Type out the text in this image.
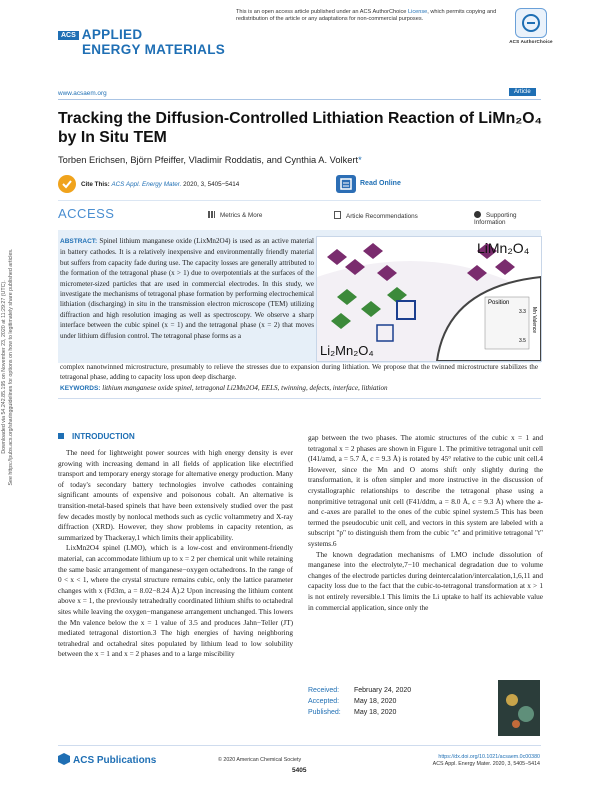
Downloaded via 54.242.85.195 on November 23, 2020 at 11:29:27 (UTC). See https://pubs.acs.org/sharingguidelines for options on how to legitimately share published articles.
This is an open access article published under an ACS AuthorChoice License, which permits copying and redistribution of the article or any adaptations for non-commercial purposes.
ACS AuthorChoice
ACS APPLIED
ENERGY MATERIALS
www.acsaem.org	Article
Tracking the Diffusion-Controlled Lithiation Reaction of LiMn₂O₄ by In Situ TEM
Torben Erichsen, Björn Pfeiffer, Vladimir Roddatis, and Cynthia A. Volkert*
Cite This: ACS Appl. Energy Mater. 2020, 3, 5405−5414	Read Online
ACCESS	Metrics & More	Article Recommendations	Supporting Information
ABSTRACT: Spinel lithium manganese oxide (LixMn2O4) is used as an active material in battery cathodes. It is a relatively inexpensive and environmentally friendly material but suffers from capacity fade during use. The capacity losses are generally attributed to the formation of the tetragonal phase (x > 1) due to overpotentials at the surfaces of the micrometer-sized particles that are used in commercial electrodes. In this study, we investigate the mechanisms of tetragonal phase formation by performing electrochemical lithiation (discharging) in situ in the transmission electron microscope (TEM) utilizing diffraction and high resolution imaging as well as spectroscopy. We observe a sharp interface between the cubic spinel (x = 1) and the tetragonal phase (x = 2) that moves under lithium diffusion control. The tetragonal phase forms as a
Position
3.3
3.5
Mn Valence
LiMn₂O₄
Li₂Mn₂O₄
complex nanotwinned microstructure, presumably to relieve the stresses due to expansion during lithiation. We propose that the twinned microstructure stabilizes the tetragonal phase, adding to capacity loss upon deep discharge.
KEYWORDS: lithium manganese oxide spinel, tetragonal Li2Mn2O4, EELS, twinning, defects, interface, lithiation
INTRODUCTION

The need for lightweight power sources with high energy density is ever growing with increasing demand in all fields of application like electrified transport and temporary energy storage for alternative energy production. Many of today's secondary battery technologies involve cathodes containing significant amounts of expensive and poisonous cobalt. An alternative is transition-metal-based spinels that have been extensively studied over the past few decades mostly by nonlocal methods such as cyclic voltammetry and X-ray diffraction (XRD). However, they show problems in capacity retention, as summarized by Thackeray,1 which limits their applicability.

LixMn2O4 spinel (LMO), which is a low-cost and environment-friendly material, can accommodate lithium up to x = 2 per chemical unit while retaining the same basic arrangement of manganese−oxygen octahedrons. In the range of 0 < x < 1, where the crystal structure remains cubic, only the lattice parameter changes with x (Fd3m, a = 8.02−8.24 Å).2 Upon increasing the lithium content above x = 1, the previously tetrahedrally coordinated lithium shifts to octahedral sites while leaving the oxygen−manganese arrangement unchanged. This lowers the Mn valence below the x = 1 value of 3.5 and produces Jahn−Teller (JT) mediated tetragonal distortion.3 The high energies of having neighboring tetrahedral and octahedral sites populated by lithium lead to low solubility between the x = 1 and x = 2 phases and to a large miscibility

gap between the two phases. The atomic structures of the cubic x = 1 and tetragonal x = 2 phases are shown in Figure 1. The primitive tetragonal unit cell (I41/amd, a = 5.7 Å, c = 9.3 Å) is rotated by 45° relative to the cubic unit cell.4 However, since the Mn and O atoms shift only slightly during the transformation, it is often simpler and more instructive in the discussion of crystallographic relationships to describe the tetragonal phase using a nonprimitive tetragonal unit cell (F41/ddm, a = 8.0 Å, c = 9.3 Å) where the a- and c-axes are parallel to the ones of the cubic spinel system.5 This has been termed the pseudocubic unit cell, and vectors in this system are labeled with a subscript "p" to distinguish them from the cubic "c" and primitive tetragonal "t" systems.6

The known degradation mechanisms of LMO include dissolution of manganese into the electrolyte,7−10 mechanical degradation due to volume changes of the electrode particles during deintercalation/intercalation,1,6,11 and capacity loss due to the fact that the cubic-to-tetragonal transformation at x > 1 is not entirely reversible.1 This limits the Li uptake to half its achievable value in commercial application, since only the

Received: February 24, 2020
Accepted: May 18, 2020
Published: May 18, 2020
ACS Publications	© 2020 American Chemical Society
5405
https://dx.doi.org/10.1021/acsaem.0c00380
ACS Appl. Energy Mater. 2020, 3, 5405−5414
